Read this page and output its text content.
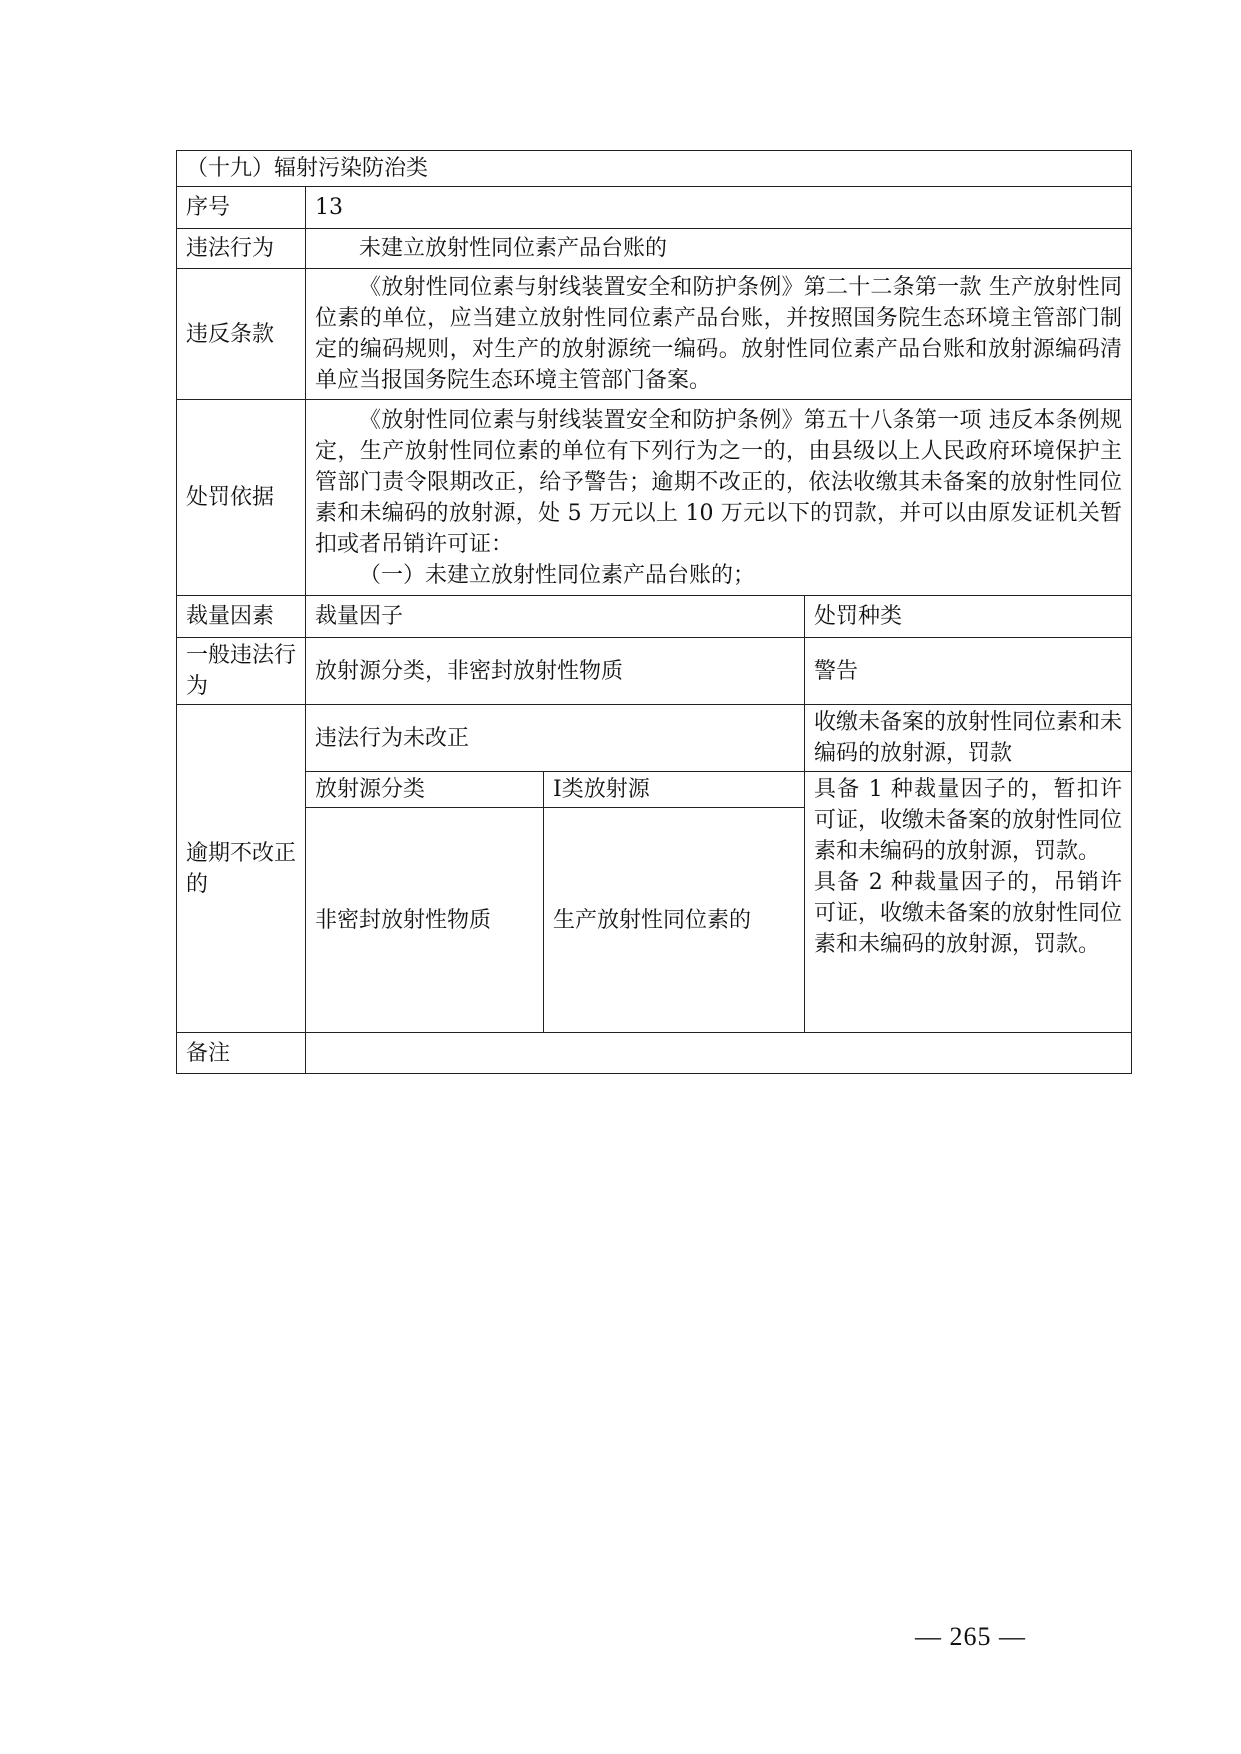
（十九）辐射污染防治类			
序号	13		
违法行为	未建立放射性同位素产品台账的		
违反条款	《放射性同位素与射线装置安全和防护条例》第二十二条第一款 生产放射性同位素的单位，应当建立放射性同位素产品台账，并按照国务院生态环境主管部门制定的编码规则，对生产的放射源统一编码。放射性同位素产品台账和放射源编码清单应当报国务院生态环境主管部门备案。		
处罚依据	《放射性同位素与射线装置安全和防护条例》第五十八条第一项 违反本条例规定，生产放射性同位素的单位有下列行为之一的，由县级以上人民政府环境保护主管部门责令限期改正，给予警告；逾期不改正的，依法收缴其未备案的放射性同位素和未编码的放射源，处 5 万元以上 10 万元以下的罚款，并可以由原发证机关暂扣或者吊销许可证：
（一）未建立放射性同位素产品台账的；		

裁量因素	裁量因子		处罚种类
一般违法行为	放射源分类，非密封放射性物质		警告
逾期不改正的	违法行为未改正		收缴未备案的放射性同位素和未编码的放射源，罚款
	放射源分类	I类放射源	具备 1 种裁量因子的，暂扣许可证，收缴未备案的放射性同位素和未编码的放射源，罚款。
具备 2 种裁量因子的，吊销许可证，收缴未备案的放射性同位素和未编码的放射源，罚款。

	非密封放射性物质	生产放射性同位素的	

备注			
— 265 —
